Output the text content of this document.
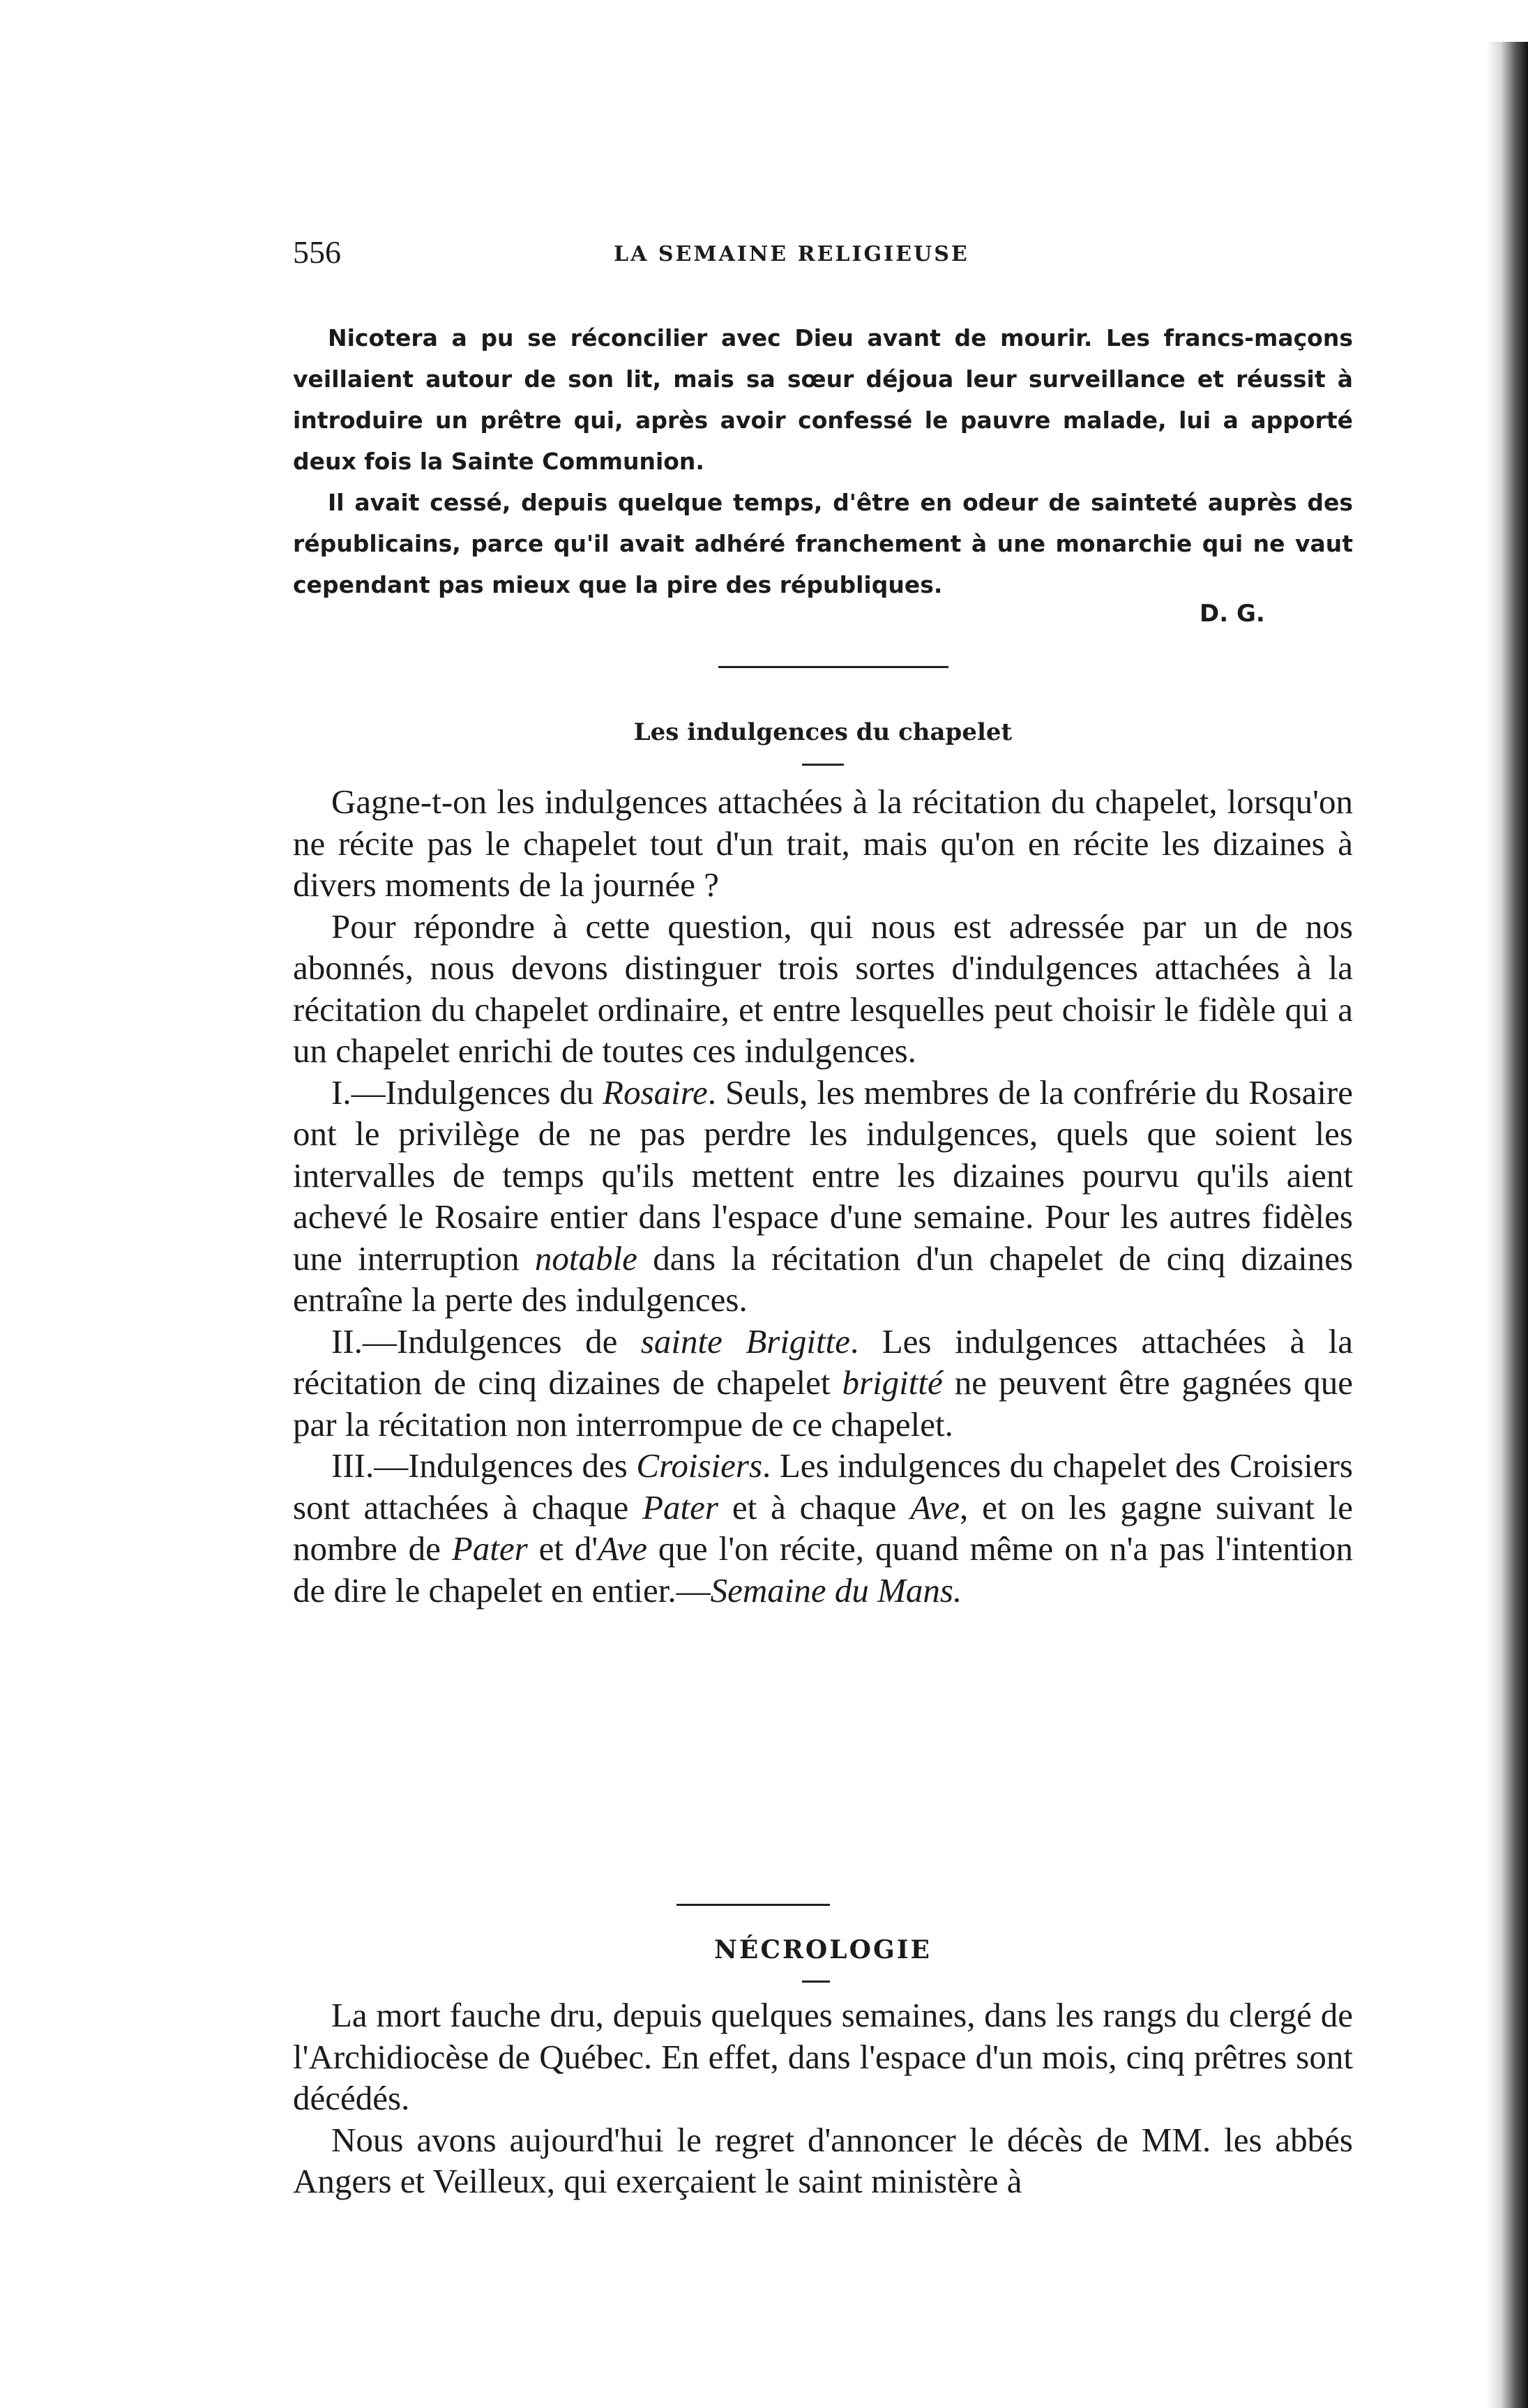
556	LA SEMAINE RELIGIEUSE

Nicotera a pu se réconcilier avec Dieu avant de mourir. Les francs-maçons veillaient autour de son lit, mais sa sœur déjoua leur surveillance et réussit à introduire un prêtre qui, après avoir confessé le pauvre malade, lui a apporté deux fois la Sainte Communion.

Il avait cessé, depuis quelque temps, d'être en odeur de sainteté auprès des républicains, parce qu'il avait adhéré franchement à une monarchie qui ne vaut cependant pas mieux que la pire des républiques.

D. G.
Les indulgences du chapelet

Gagne-t-on les indulgences attachées à la récitation du chapelet, lorsqu'on ne récite pas le chapelet tout d'un trait, mais qu'on en récite les dizaines à divers moments de la journée ?

Pour répondre à cette question, qui nous est adressée par un de nos abonnés, nous devons distinguer trois sortes d'indulgences attachées à la récitation du chapelet ordinaire, et entre lesquelles peut choisir le fidèle qui a un chapelet enrichi de toutes ces indulgences.

I.—Indulgences du Rosaire. Seuls, les membres de la confrérie du Rosaire ont le privilège de ne pas perdre les indulgences, quels que soient les intervalles de temps qu'ils mettent entre les dizaines pourvu qu'ils aient achevé le Rosaire entier dans l'espace d'une semaine. Pour les autres fidèles une interruption notable dans la récitation d'un chapelet de cinq dizaines entraîne la perte des indulgences.

II.—Indulgences de sainte Brigitte. Les indulgences attachées à la récitation de cinq dizaines de chapelet brigitté ne peuvent être gagnées que par la récitation non interrompue de ce chapelet.

III.—Indulgences des Croisiers. Les indulgences du chapelet des Croisiers sont attachées à chaque Pater et à chaque Ave, et on les gagne suivant le nombre de Pater et d'Ave que l'on récite, quand même on n'a pas l'intention de dire le chapelet en entier.—Semaine du Mans.

NÉCROLOGIE

La mort fauche dru, depuis quelques semaines, dans les rangs du clergé de l'Archidiocèse de Québec. En effet, dans l'espace d'un mois, cinq prêtres sont décédés.

Nous avons aujourd'hui le regret d'annoncer le décès de MM. les abbés Angers et Veilleux, qui exerçaient le saint ministère à
